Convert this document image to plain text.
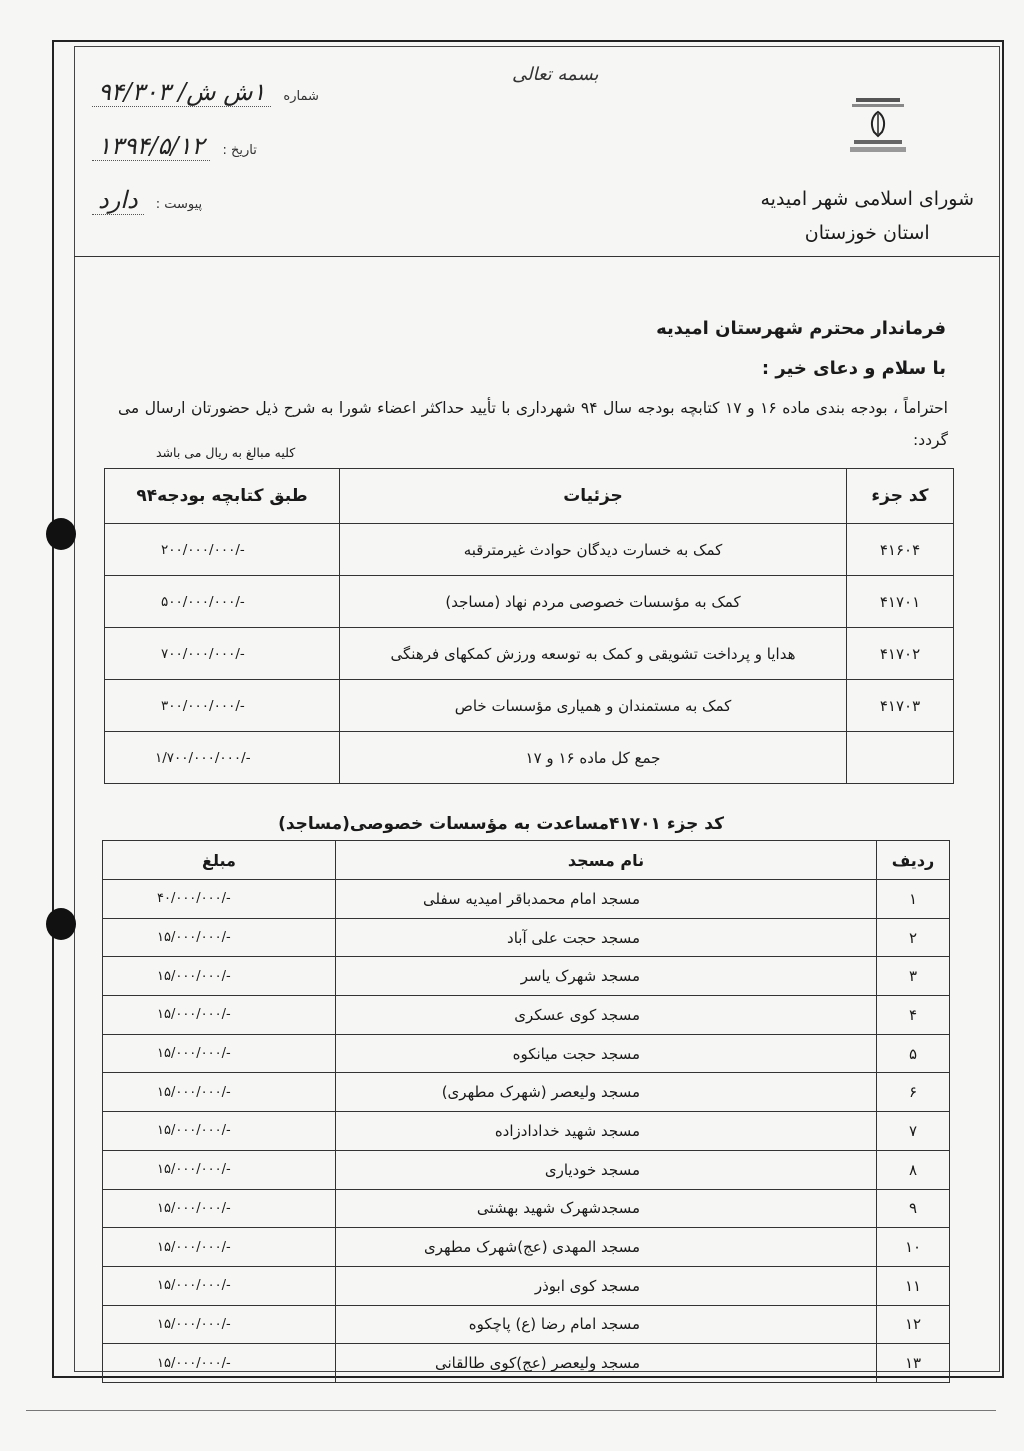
شماره ۱ش ش/ ۹۴/۳۰۳
تاریخ : ۱۳۹۴/۵/۱۲
پیوست : دارد
بسمه تعالی
شورای اسلامی شهر امیدیه
استان خوزستان
فرماندار محترم شهرستان امیدیه
با سلام و دعای خیر :
احتراماً ، بودجه بندی ماده ۱۶ و ۱۷ کتابچه بودجه سال ۹۴ شهرداری با تأیید حداکثر اعضاء شورا به شرح ذیل حضورتان ارسال می گردد:
کلیه مبالغ به ریال می باشد
کد جزء	جزئیات	طبق کتابچه بودجه۹۴
۴۱۶۰۴	کمک به خسارت دیدگان حوادث غیرمترقبه	۲۰۰/۰۰۰/۰۰۰/-
۴۱۷۰۱	کمک به مؤسسات خصوصی مردم نهاد (مساجد)	۵۰۰/۰۰۰/۰۰۰/-
۴۱۷۰۲	هدایا و پرداخت تشویقی و کمک به توسعه ورزش کمکهای فرهنگی	۷۰۰/۰۰۰/۰۰۰/-
۴۱۷۰۳	کمک به مستمندان و همیاری مؤسسات خاص	۳۰۰/۰۰۰/۰۰۰/-
	جمع کل ماده ۱۶ و ۱۷	۱/۷۰۰/۰۰۰/۰۰۰/-
کد جزء ۴۱۷۰۱مساعدت به مؤسسات خصوصی(مساجد)
ردیف	نام مسجد	مبلغ
۱	مسجد امام محمدباقر امیدیه سفلی	۴۰/۰۰۰/۰۰۰/-
۲	مسجد حجت علی آباد	۱۵/۰۰۰/۰۰۰/-
۳	مسجد شهرک یاسر	۱۵/۰۰۰/۰۰۰/-
۴	مسجد کوی عسکری	۱۵/۰۰۰/۰۰۰/-
۵	مسجد حجت میانکوه	۱۵/۰۰۰/۰۰۰/-
۶	مسجد ولیعصر (شهرک مطهری)	۱۵/۰۰۰/۰۰۰/-
۷	مسجد شهید خدادادزاده	۱۵/۰۰۰/۰۰۰/-
۸	مسجد خودیاری	۱۵/۰۰۰/۰۰۰/-
۹	مسجدشهرک شهید بهشتی	۱۵/۰۰۰/۰۰۰/-
۱۰	مسجد المهدی (عج)شهرک مطهری	۱۵/۰۰۰/۰۰۰/-
۱۱	مسجد کوی ابوذر	۱۵/۰۰۰/۰۰۰/-
۱۲	مسجد امام رضا (ع) پاچکوه	۱۵/۰۰۰/۰۰۰/-
۱۳	مسجد ولیعصر (عج)کوی طالقانی	۱۵/۰۰۰/۰۰۰/-
